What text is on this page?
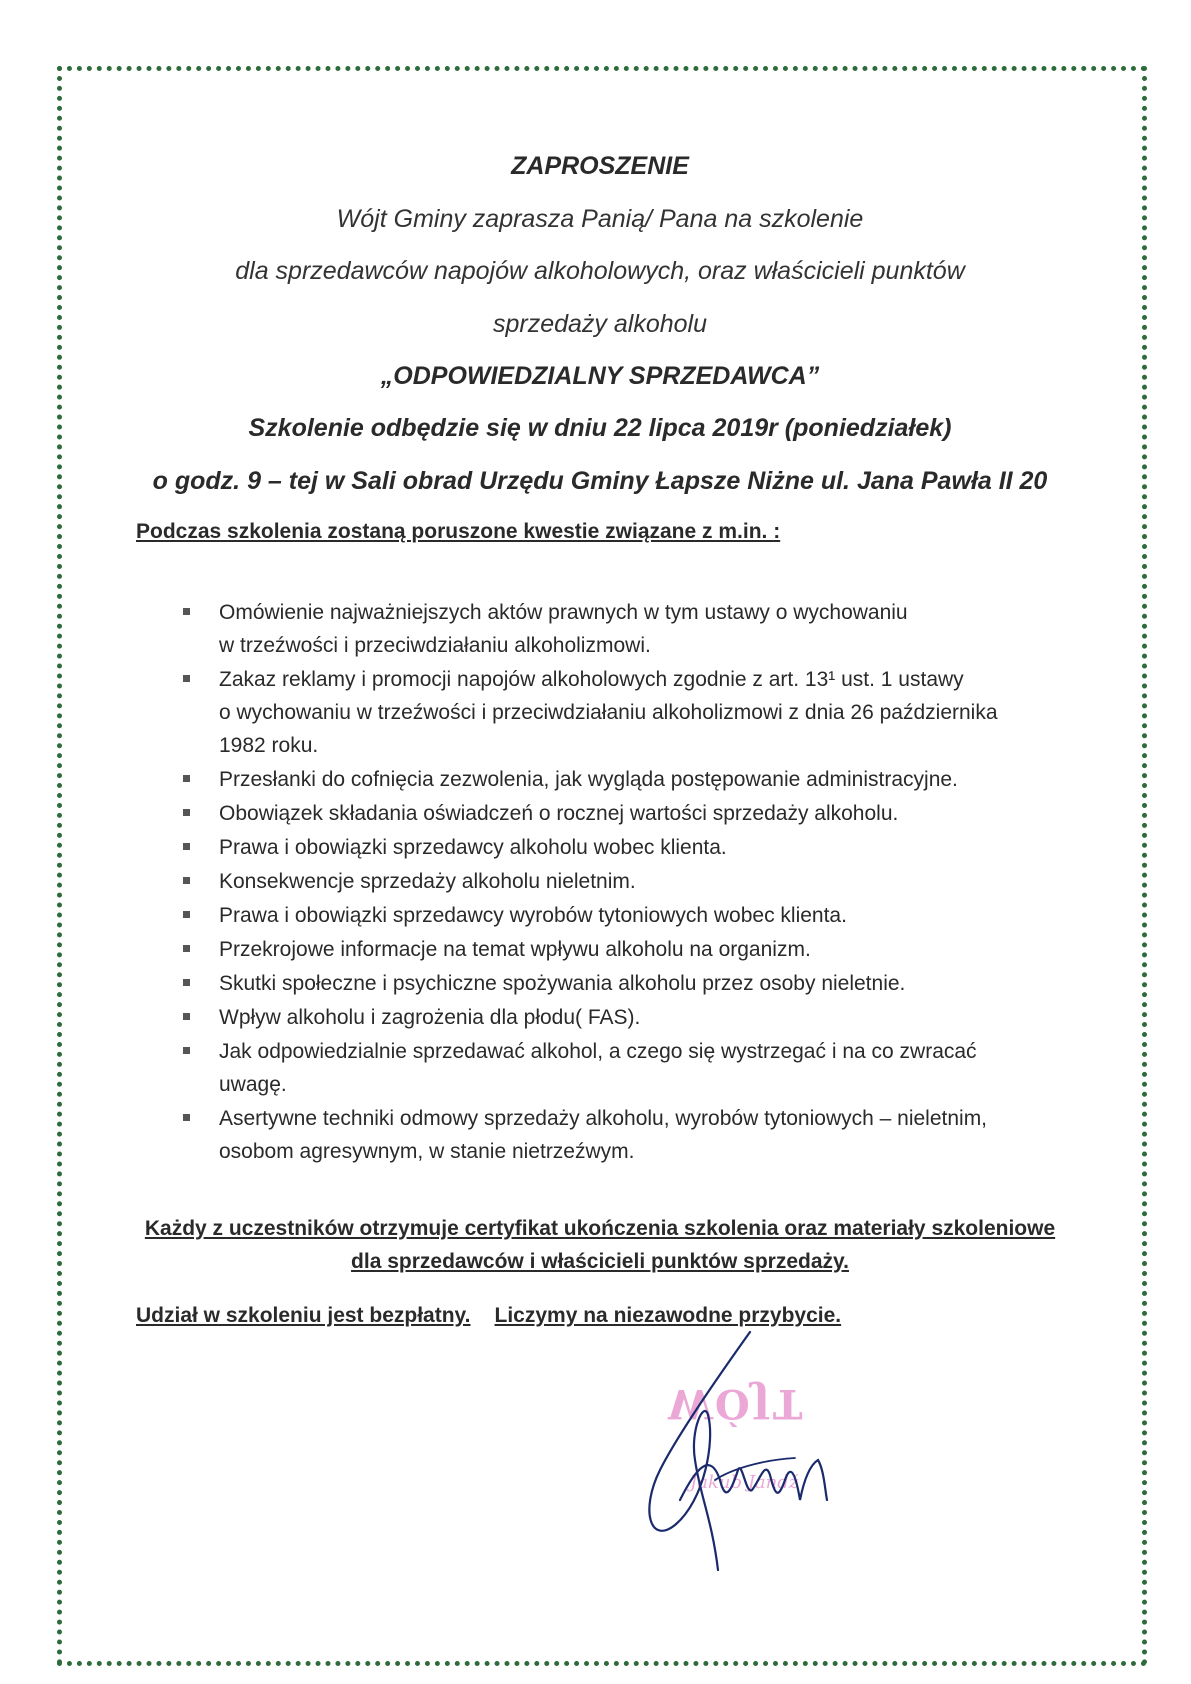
ZAPROSZENIE
Wójt Gminy zaprasza Panią/ Pana na szkolenie
dla sprzedawców napojów alkoholowych, oraz właścicieli punktów
sprzedaży alkoholu
„ODPOWIEDZIALNY SPRZEDAWCA”
Szkolenie odbędzie się w dniu 22 lipca 2019r (poniedziałek)
o godz. 9 – tej w Sali obrad Urzędu Gminy Łapsze Niżne ul. Jana Pawła II 20
Podczas szkolenia zostaną poruszone kwestie związane z m.in. :
Omówienie najważniejszych aktów prawnych w tym ustawy o wychowaniu
w trzeźwości i przeciwdziałaniu alkoholizmowi.
Zakaz reklamy i promocji napojów alkoholowych zgodnie z art. 13¹ ust. 1 ustawy
o wychowaniu w trzeźwości i przeciwdziałaniu alkoholizmowi z dnia 26 października
1982 roku.
Przesłanki do cofnięcia zezwolenia, jak wygląda postępowanie administracyjne.
Obowiązek składania oświadczeń o rocznej wartości sprzedaży alkoholu.
Prawa i obowiązki sprzedawcy alkoholu wobec klienta.
Konsekwencje sprzedaży alkoholu nieletnim.
Prawa i obowiązki sprzedawcy wyrobów tytoniowych wobec klienta.
Przekrojowe informacje na temat wpływu alkoholu na organizm.
Skutki społeczne i psychiczne spożywania alkoholu przez osoby nieletnie.
Wpływ alkoholu i zagrożenia dla płodu( FAS).
Jak odpowiedzialnie sprzedawać alkohol, a czego się wystrzegać i na co zwracać
uwagę.
Asertywne techniki odmowy sprzedaży alkoholu, wyrobów tytoniowych – nieletnim,
osobom agresywnym, w stanie nietrzeźwym.
Każdy z uczestników otrzymuje certyfikat ukończenia szkolenia oraz materiały szkoleniowe
dla sprzedawców i właścicieli punktów sprzedaży.
Udział w szkoleniu jest bezpłatny. Liczymy na niezawodne przybycie.
WÓJT
Jakub Jandź
